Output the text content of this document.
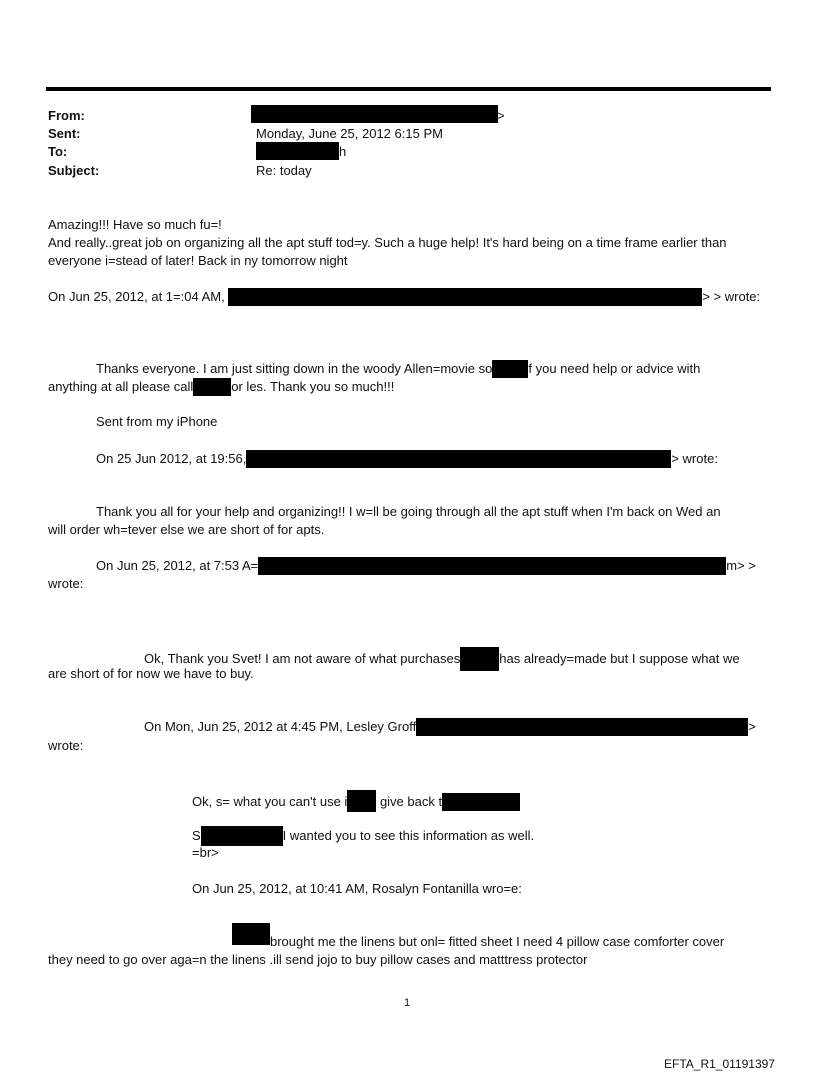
From:	>
Sent:	Monday, June 25, 2012 6:15 PM
To:	h
Subject:	Re: today
Amazing!!! Have so much fu=!
And really..great job on organizing all the apt stuff tod=y. Such a huge help! It's hard being on a time frame earlier than
everyone i=stead of later! Back in ny tomorrow night
On Jun 25, 2012, at 1=:04 AM,	> > wrote:
Thanks everyone. I am just sitting down in the woody Allen=movie so	f you need help or advice with
anything at all please call	or les. Thank you so much!!!
Sent from my iPhone
On 25 Jun 2012, at 19:56,	> wrote:
Thank you all for your help and organizing!! I w=ll be going through all the apt stuff when I'm back on Wed an
will order wh=tever else we are short of for apts.
On Jun 25, 2012, at 7:53 A=	m> >
wrote:
Ok, Thank you Svet! I am not aware of what purchases	has already=made but I suppose what we
are short of for now we have to buy.
On Mon, Jun 25, 2012 at 4:45 PM, Lesley Groff	>
wrote:
Ok, s= what you can't use i	give back t
S	I wanted you to see this information as well.
=br>
On Jun 25, 2012, at 10:41 AM, Rosalyn Fontanilla wro=e:
brought me the linens but onl= fitted sheet I need 4 pillow case comforter cover
they need to go over aga=n the linens .ill send jojo to buy pillow cases and matttress protector
1
EFTA_R1_01191397
